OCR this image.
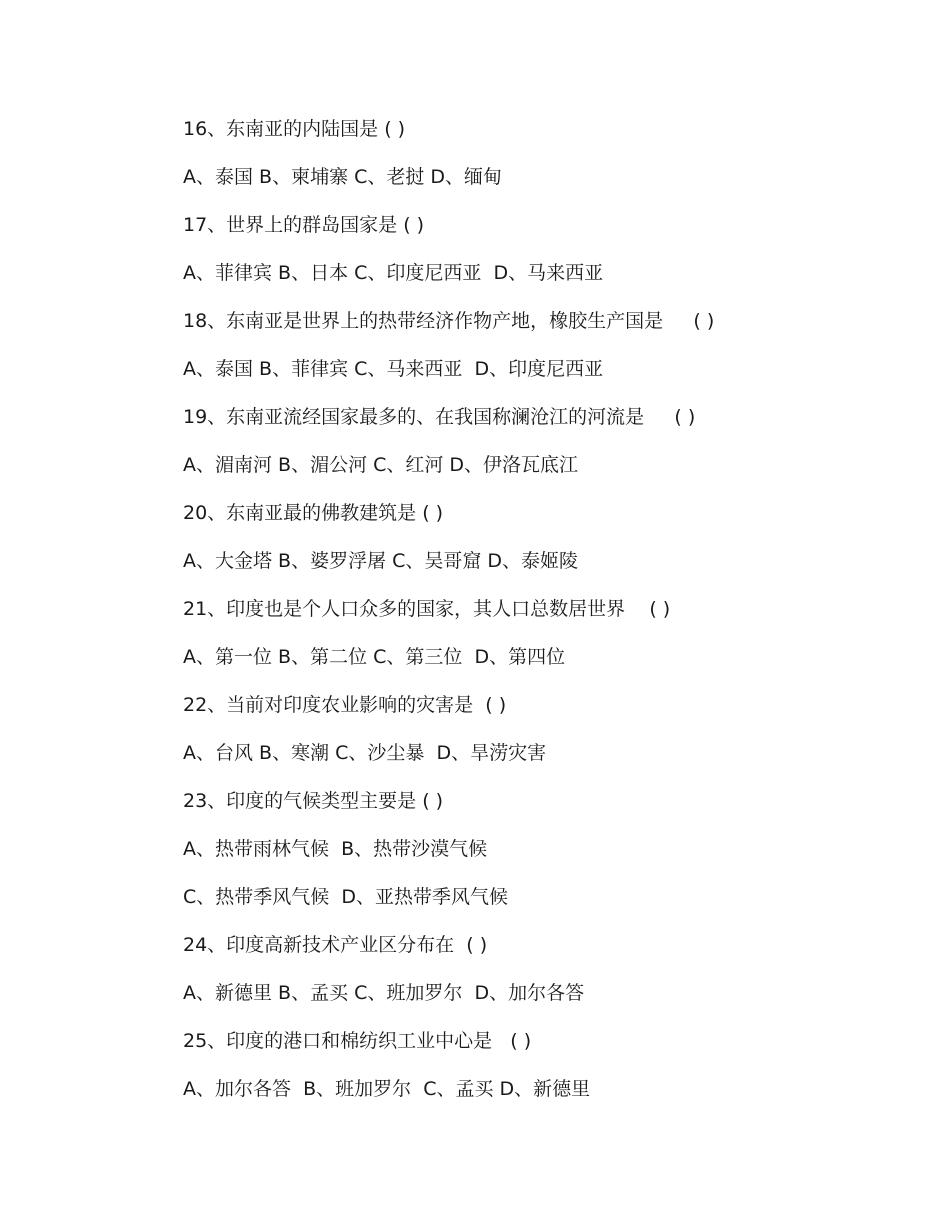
16、东南亚的内陆国是 ( )
A、泰国 B、柬埔寨 C、老挝 D、缅甸
17、世界上的群岛国家是 ( )
A、菲律宾 B、日本 C、印度尼西亚  D、马来西亚
18、东南亚是世界上的热带经济作物产地，橡胶生产国是     ( )
A、泰国 B、菲律宾 C、马来西亚  D、印度尼西亚
19、东南亚流经国家最多的、在我国称澜沧江的河流是     ( )
A、湄南河 B、湄公河 C、红河 D、伊洛瓦底江
20、东南亚最的佛教建筑是 ( )
A、大金塔 B、婆罗浮屠 C、吴哥窟 D、泰姬陵
21、印度也是个人口众多的国家，其人口总数居世界    ( )
A、第一位 B、第二位 C、第三位  D、第四位
22、当前对印度农业影响的灾害是  ( )
A、台风 B、寒潮 C、沙尘暴  D、旱涝灾害
23、印度的气候类型主要是 ( )
A、热带雨林气候  B、热带沙漠气候
C、热带季风气候  D、亚热带季风气候
24、印度高新技术产业区分布在  ( )
A、新德里 B、孟买 C、班加罗尔  D、加尔各答
25、印度的港口和棉纺织工业中心是   ( )
A、加尔各答  B、班加罗尔  C、孟买 D、新德里
